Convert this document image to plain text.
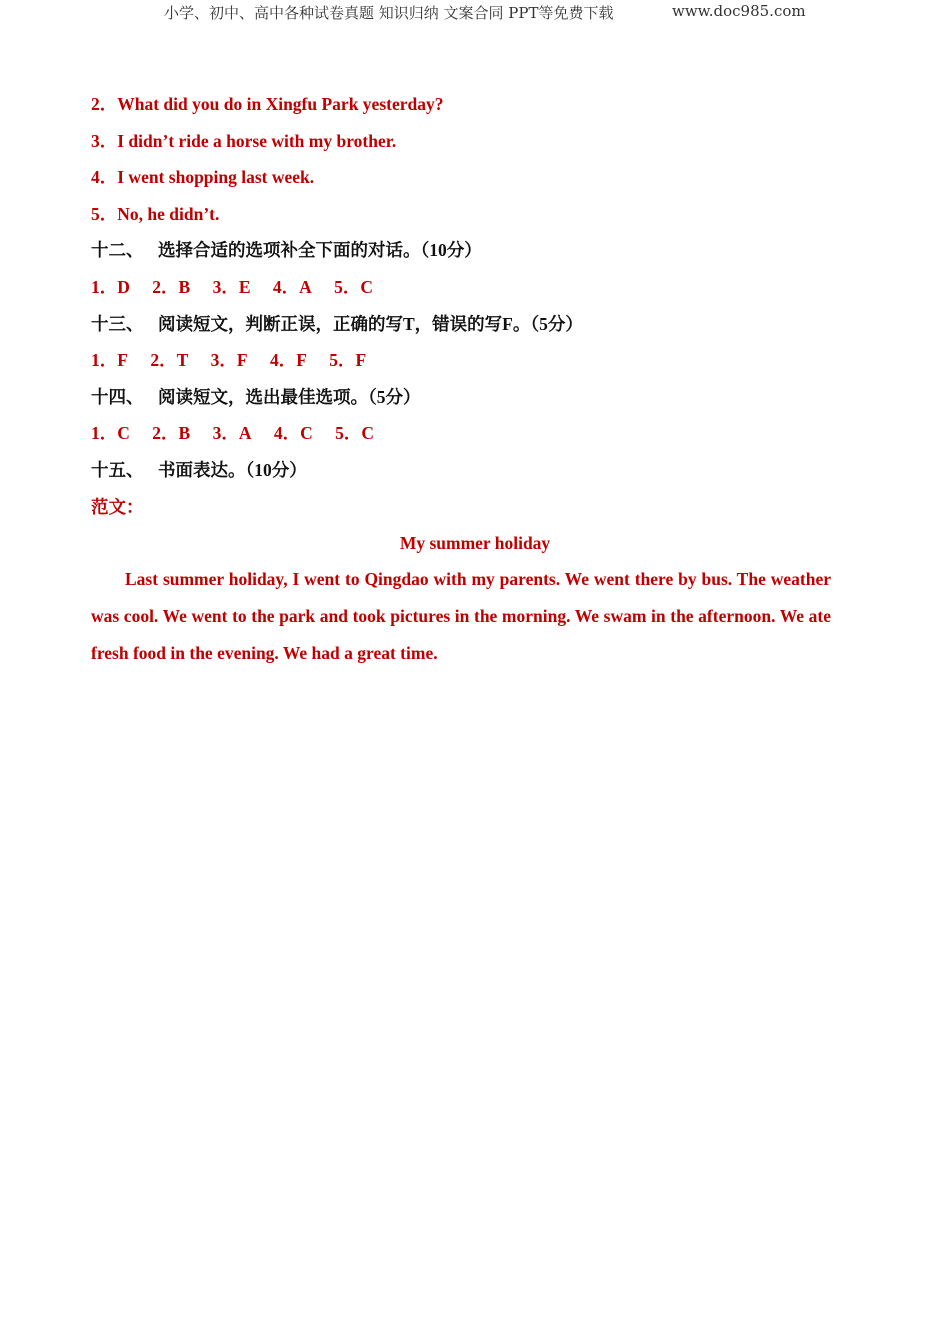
小学、初中、高中各种试卷真题 知识归纳 文案合同 PPT等免费下载	www.doc985.com
2．What did you do in Xingfu Park yesterday?
3．I didn’t ride a horse with my brother.
4．I went shopping last week.
5．No, he didn’t.
十二、 选择合适的选项补全下面的对话。（10分）
1．D 2．B 3．E 4．A 5．C
十三、 阅读短文，判断正误，正确的写T，错误的写F。（5分）
1．F 2．T 3．F 4．F 5．F
十四、 阅读短文，选出最佳选项。（5分）
1．C 2．B 3．A 4．C 5．C
十五、 书面表达。（10分）
范文：
My summer holiday
Last summer holiday, I went to Qingdao with my parents. We went there by bus. The weather was cool. We went to the park and took pictures in the morning. We swam in the afternoon. We ate fresh food in the evening. We had a great time.
